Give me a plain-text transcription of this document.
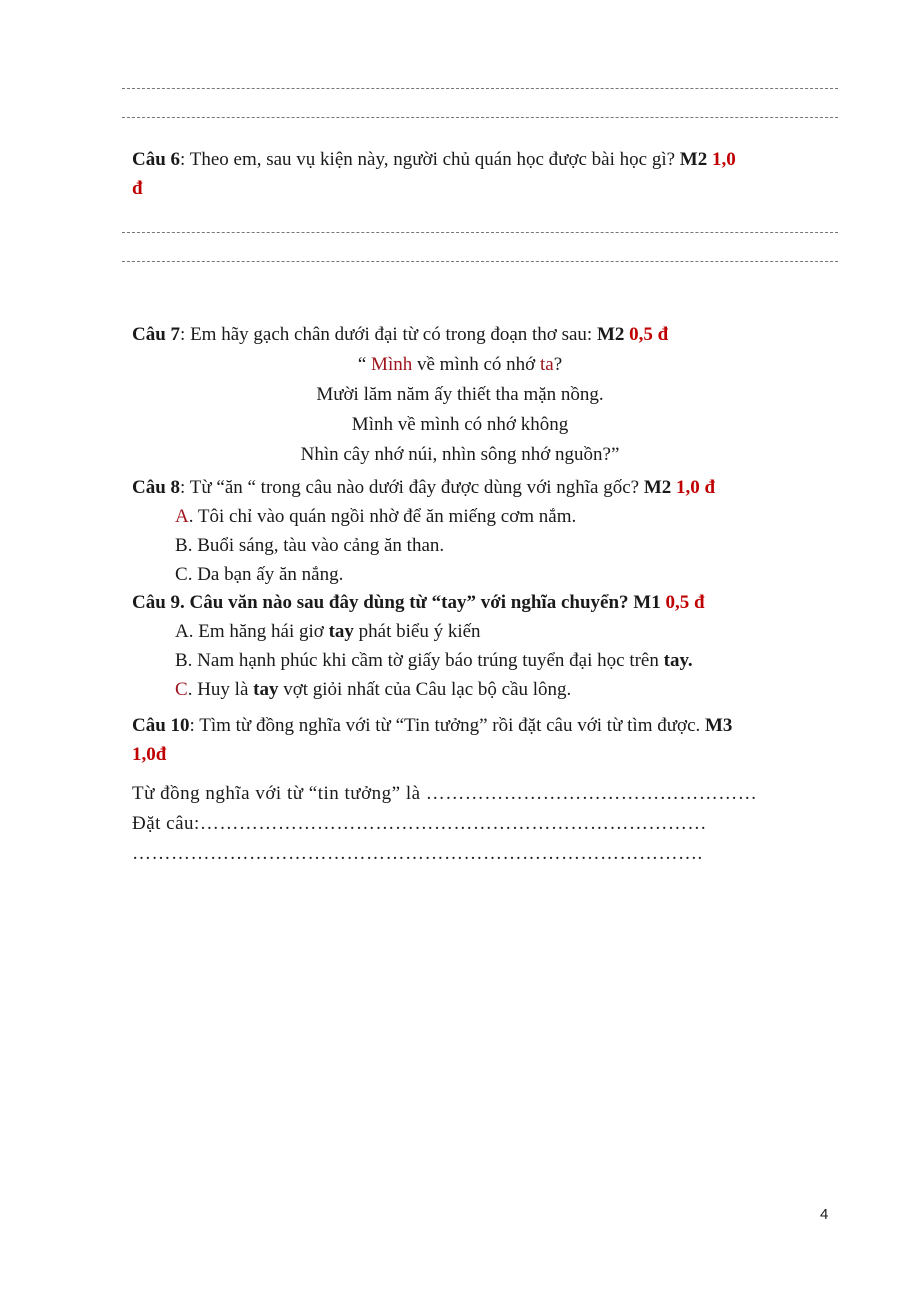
Câu 6: Theo em, sau vụ kiện này, người chủ quán học được bài học gì? M2 1,0
đ
Câu 7: Em hãy gạch chân dưới đại từ có trong đoạn thơ sau: M2 0,5 đ
“ Mình về mình có nhớ ta?
Mười lăm năm ấy thiết tha mặn nồng.
Mình về mình có nhớ không
Nhìn cây nhớ núi, nhìn sông nhớ nguồn?”
Câu 8: Từ “ăn “ trong câu nào dưới đây được dùng với nghĩa gốc? M2 1,0 đ
A. Tôi chỉ vào quán ngồi nhờ để ăn miếng cơm nắm.
B. Buổi sáng, tàu vào cảng ăn than.
C. Da bạn ấy ăn nắng.
Câu 9. Câu văn nào sau đây dùng từ “tay” với nghĩa chuyển? M1 0,5 đ
A. Em hăng hái giơ tay phát biểu ý kiến
B. Nam hạnh phúc khi cầm tờ giấy báo trúng tuyển đại học trên tay.
C. Huy là tay vợt giỏi nhất của Câu lạc bộ cầu lông.
Câu 10: Tìm từ đồng nghĩa với từ “Tin tưởng” rồi đặt câu với từ tìm được. M3
1,0đ
Từ đồng nghĩa với từ “tin tưởng” là ……………………………………………
Đặt câu:……………………………………………………………………
…………………………………………………………………………….
4
